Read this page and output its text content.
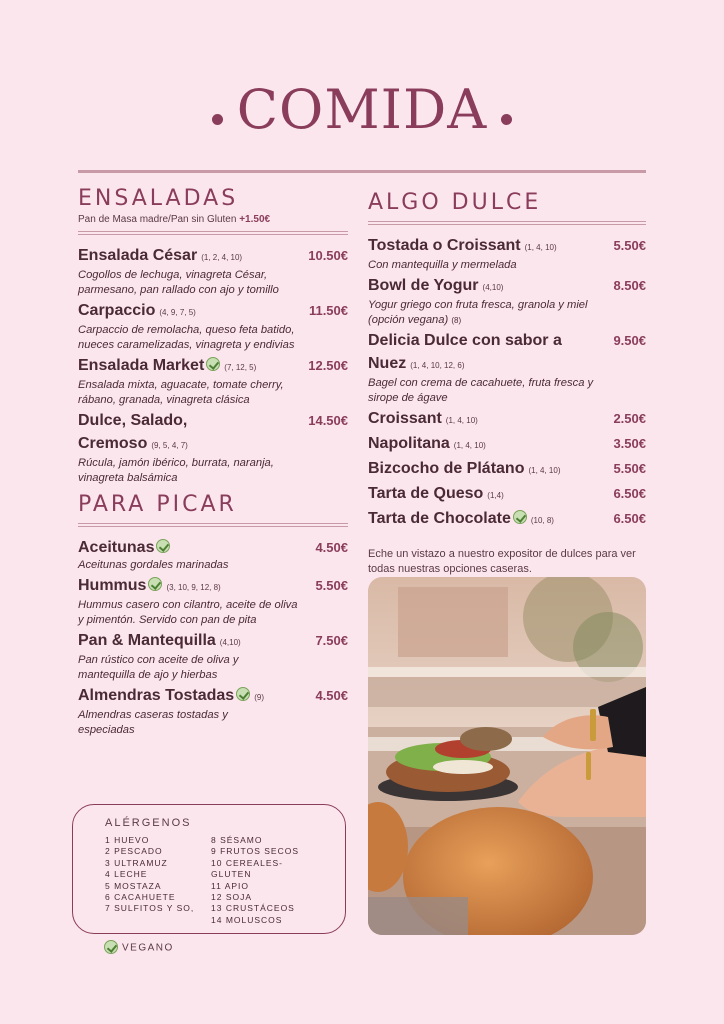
COMIDA
ENSALADAS
Pan de Masa madre/Pan sin Gluten +1.50€
Ensalada César (1, 2, 4, 10)	10.50€
Cogollos de lechuga, vinagreta César, parmesano, pan rallado con ajo y tomillo
Carpaccio (4, 9, 7, 5)	11.50€
Carpaccio de remolacha, queso feta batido, nueces caramelizadas, vinagreta y endivias
Ensalada Market	(7, 12, 5)	12.50€
Ensalada mixta, aguacate, tomate cherry, rábano, granada, vinagreta clásica
Dulce, Salado,	14.50€
Cremoso (9, 5, 4, 7)
Rúcula, jamón ibérico, burrata, naranja, vinagreta balsámica
PARA PICAR
Aceitunas	4.50€
Aceitunas gordales marinadas
Hummus	(3, 10, 9, 12, 8)	5.50€
Hummus casero con cilantro, aceite de oliva y pimentón. Servido con pan de pita
Pan & Mantequilla (4,10)	7.50€
Pan rústico con aceite de oliva y mantequilla de ajo y hierbas
Almendras Tostadas	(9)	4.50€
Almendras caseras tostadas y especiadas
ALGO DULCE
Tostada o Croissant (1, 4, 10)	5.50€
Con mantequilla y mermelada
Bowl de Yogur (4,10)	8.50€
Yogur griego con fruta fresca, granola y miel (opción vegana) (8)
Delicia Dulce con sabor a	9.50€
Nuez (1, 4, 10, 12, 6)
Bagel con crema de cacahuete, fruta fresca y sirope de ágave
Croissant (1, 4, 10)	2.50€
Napolitana (1, 4, 10)	3.50€
Bizcocho de Plátano (1, 4, 10)	5.50€
Tarta de Queso (1,4)	6.50€
Tarta de Chocolate	(10, 8)	6.50€
Eche un vistazo a nuestro expositor de dulces para ver todas nuestras opciones caseras.
ALÉRGENOS
1 HUEVO
2 PESCADO
3 ULTRAMUZ
4 LECHE
5 MOSTAZA
6 CACAHUETE
7 SULFITOS Y SO,
8 SÉSAMO
9 FRUTOS SECOS
10 CEREALES-GLUTEN
11 APIO
12 SOJA
13 CRUSTÁCEOS
14 MOLUSCOS
VEGANO
